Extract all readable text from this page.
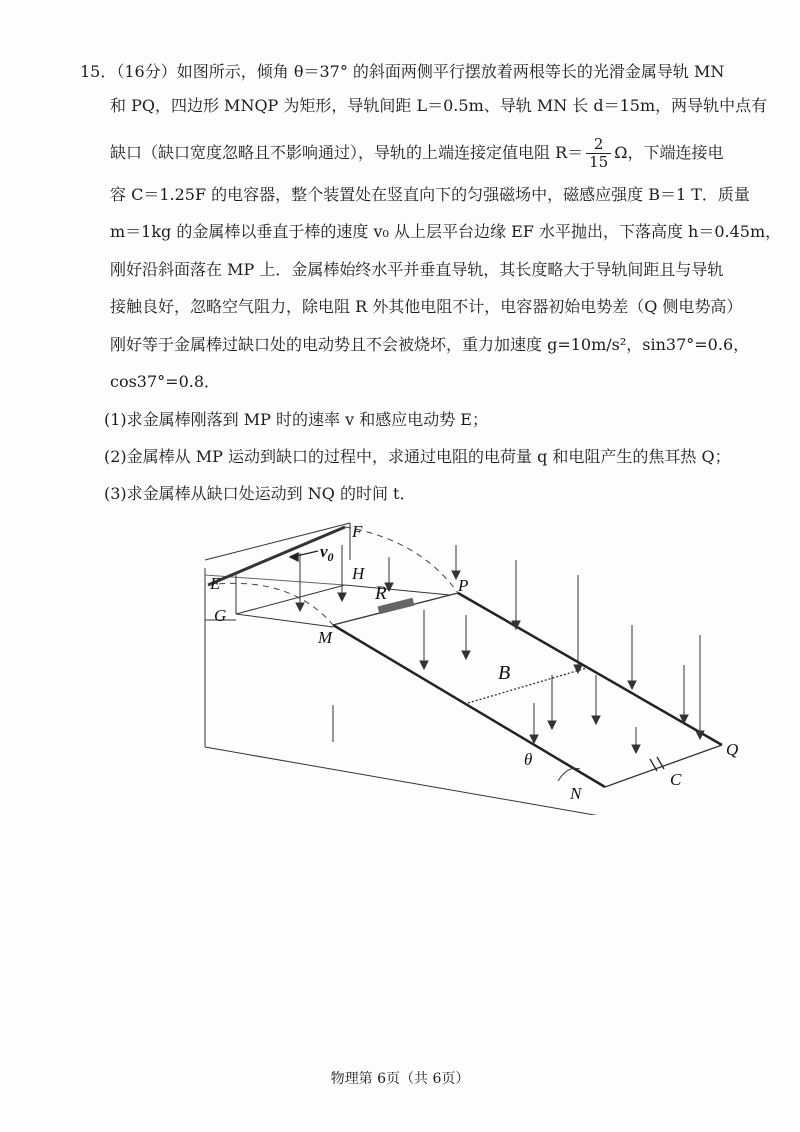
15．（16分）如图所示，倾角 θ＝37° 的斜面两侧平行摆放着两根等长的光滑金属导轨 MN
和 PQ，四边形 MNQP 为矩形，导轨间距 L＝0.5m、导轨 MN 长 d＝15m，两导轨中点有
缺口（缺口宽度忽略且不影响通过），导轨的上端连接定值电阻 $R= \frac{2}{15}$ Ω，下端连接电
容 C＝1.25F 的电容器，整个装置处在竖直向下的匀强磁场中，磁感应强度 B＝1 T．质量
m＝1kg 的金属棒以垂直于棒的速度 v₀ 从上层平台边缘 EF 水平抛出，下落高度 h＝0.45m，
刚好沿斜面落在 MP 上．金属棒始终水平并垂直导轨，其长度略大于导轨间距且与导轨
接触良好，忽略空气阻力，除电阻 R 外其他电阻不计，电容器初始电势差（Q 侧电势高）
刚好等于金属棒过缺口处的电动势且不会被烧坏，重力加速度 g=10m/s²，sin37°=0.6，
cos37°=0.8．
(1)求金属棒刚落到 MP 时的速率 v 和感应电动势 E；
(2)金属棒从 MP 运动到缺口的过程中，求通过电阻的电荷量 q 和电阻产生的焦耳热 Q；
(3)求金属棒从缺口处运动到 NQ 的时间 t．
F
E
H
G
P
M
R
B
θ
N
Q
C
$v_0$
物理第 6页（共 6页）
